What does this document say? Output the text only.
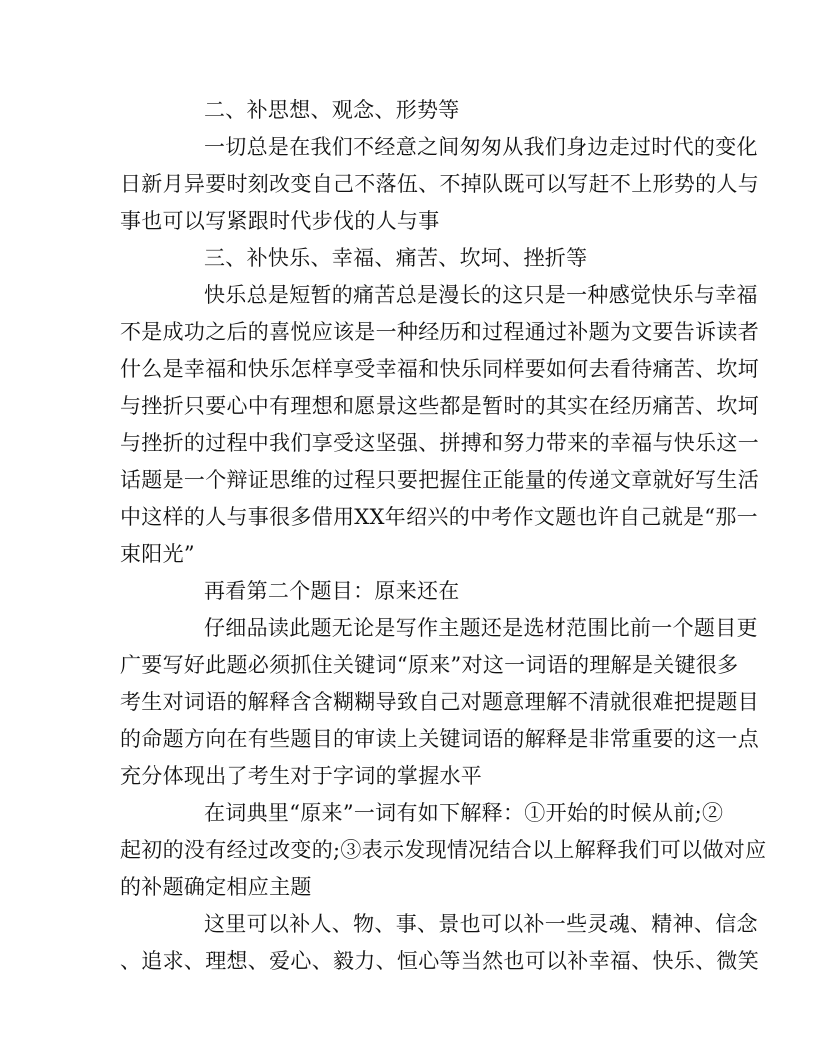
二、补思想、观念、形势等
一切总是在我们不经意之间匆匆从我们身边走过时代的变化
日新月异要时刻改变自己不落伍、不掉队既可以写赶不上形势的人与
事也可以写紧跟时代步伐的人与事
三、补快乐、幸福、痛苦、坎坷、挫折等
快乐总是短暂的痛苦总是漫长的这只是一种感觉快乐与幸福
不是成功之后的喜悦应该是一种经历和过程通过补题为文要告诉读者
什么是幸福和快乐怎样享受幸福和快乐同样要如何去看待痛苦、坎坷
与挫折只要心中有理想和愿景这些都是暂时的其实在经历痛苦、坎坷
与挫折的过程中我们享受这坚强、拼搏和努力带来的幸福与快乐这一
话题是一个辩证思维的过程只要把握住正能量的传递文章就好写生活
中这样的人与事很多借用XX年绍兴的中考作文题也许自己就是“那一
束阳光”
再看第二个题目：原来还在
仔细品读此题无论是写作主题还是选材范围比前一个题目更
广要写好此题必须抓住关键词“原来”对这一词语的理解是关键很多
考生对词语的解释含含糊糊导致自己对题意理解不清就很难把提题目
的命题方向在有些题目的审读上关键词语的解释是非常重要的这一点
充分体现出了考生对于字词的掌握水平
在词典里“原来”一词有如下解释：①开始的时候从前;②
起初的没有经过改变的;③表示发现情况结合以上解释我们可以做对应
的补题确定相应主题
这里可以补人、物、事、景也可以补一些灵魂、精神、信念
、追求、理想、爱心、毅力、恒心等当然也可以补幸福、快乐、微笑
